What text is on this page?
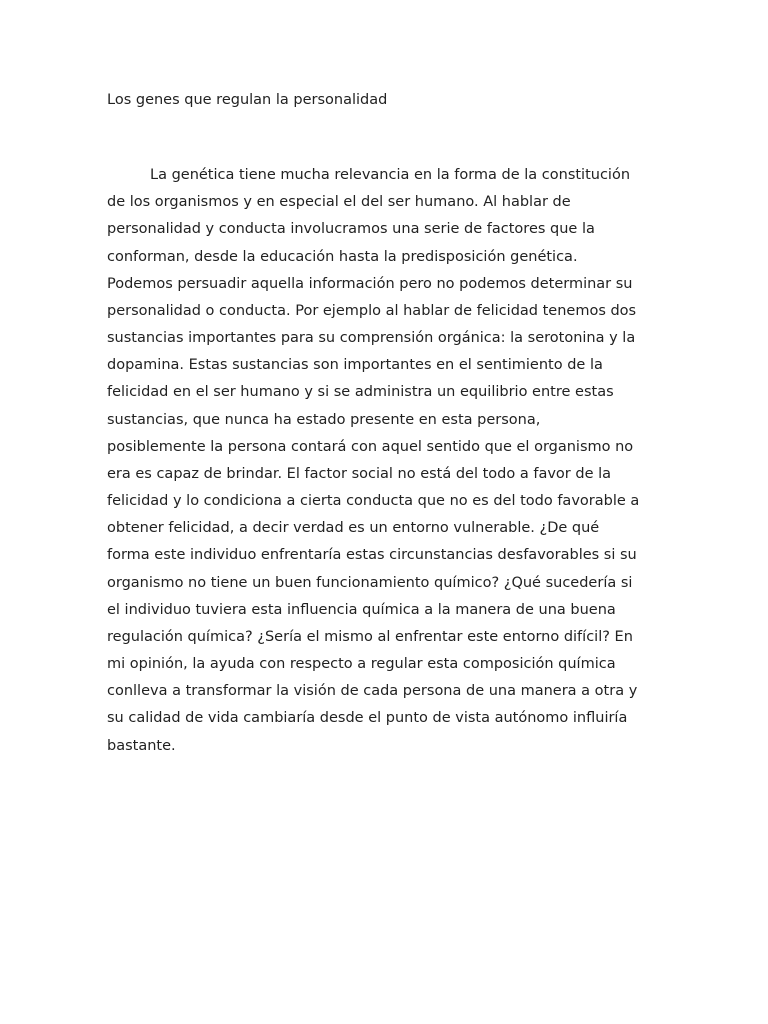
Los genes que regulan la personalidad
La genética tiene mucha relevancia en la forma de la constitución
de los organismos y en especial el del ser humano. Al hablar de
personalidad y conducta involucramos una serie de factores que la
conforman, desde la educación hasta la predisposición genética.
Podemos persuadir aquella información pero no podemos determinar su
personalidad o conducta. Por ejemplo al hablar de felicidad tenemos dos
sustancias importantes para su comprensión orgánica: la serotonina y la
dopamina. Estas sustancias son importantes en el sentimiento de la
felicidad en el ser humano y si se administra un equilibrio entre estas
sustancias, que nunca ha estado presente en esta persona,
posiblemente la persona contará con aquel sentido que el organismo no
era es capaz de brindar. El factor social no está del todo a favor de la
felicidad y lo condiciona a cierta conducta que no es del todo favorable a
obtener felicidad, a decir verdad es un entorno vulnerable. ¿De qué
forma este individuo enfrentaría estas circunstancias desfavorables si su
organismo no tiene un buen funcionamiento químico? ¿Qué sucedería si
el individuo tuviera esta influencia química a la manera de una buena
regulación química? ¿Sería el mismo al enfrentar este entorno difícil? En
mi opinión, la ayuda con respecto a regular esta composición química
conlleva a transformar la visión de cada persona de una manera a otra y
su calidad de vida cambiaría desde el punto de vista autónomo influiría
bastante.
